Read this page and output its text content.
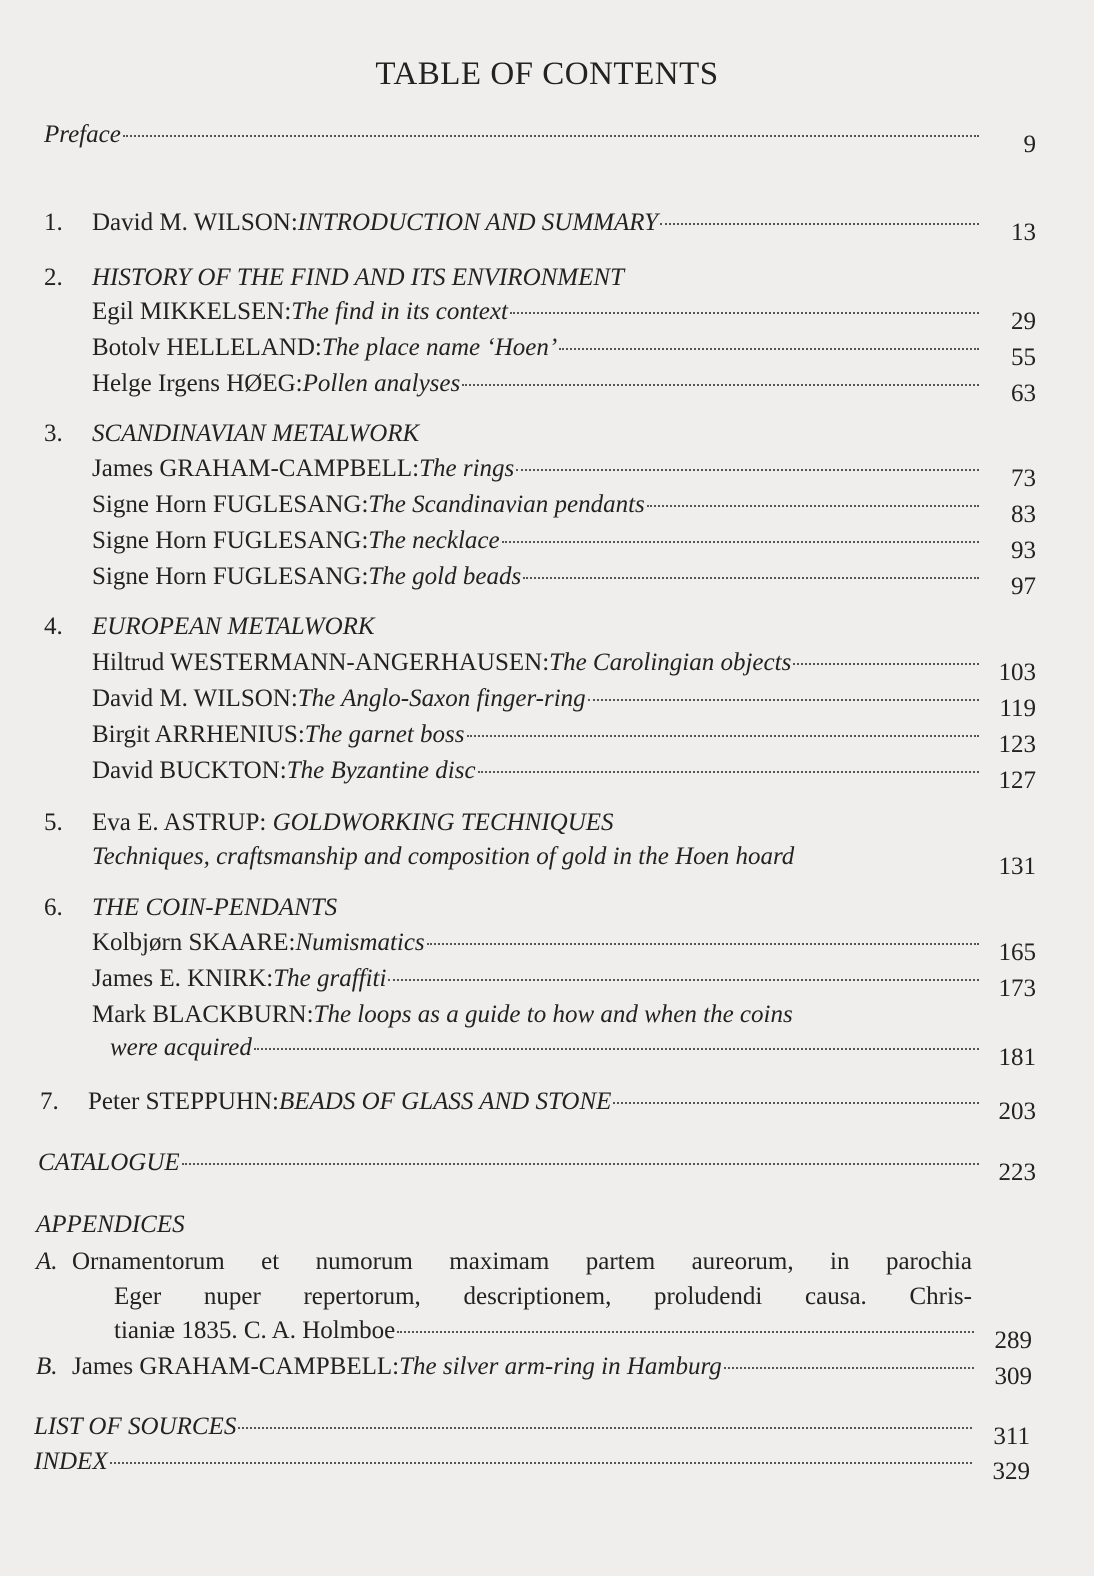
TABLE OF CONTENTS
Preface	9
1. David M. WILSON: INTRODUCTION AND SUMMARY	13
2. HISTORY OF THE FIND AND ITS ENVIRONMENT
Egil MIKKELSEN: The find in its context	29
Botolv HELLELAND: The place name ‘Hoen’	55
Helge Irgens HØEG: Pollen analyses	63
3. SCANDINAVIAN METALWORK
James GRAHAM-CAMPBELL: The rings	73
Signe Horn FUGLESANG: The Scandinavian pendants	83
Signe Horn FUGLESANG: The necklace	93
Signe Horn FUGLESANG: The gold beads	97
4. EUROPEAN METALWORK
Hiltrud WESTERMANN-ANGERHAUSEN: The Carolingian objects	103
David M. WILSON: The Anglo-Saxon finger-ring	119
Birgit ARRHENIUS: The garnet boss	123
David BUCKTON: The Byzantine disc	127
5. Eva E. ASTRUP: GOLDWORKING TECHNIQUES
Techniques, craftsmanship and composition of gold in the Hoen hoard	131
6. THE COIN-PENDANTS
Kolbjørn SKAARE: Numismatics	165
James E. KNIRK: The graffiti	173
Mark BLACKBURN: The loops as a guide to how and when the coins
were acquired	181
7. Peter STEPPUHN: BEADS OF GLASS AND STONE	203
CATALOGUE	223
APPENDICES
A. Ornamentorum et numorum maximam partem aureorum, in parochia
Eger nuper repertorum, descriptionem, proludendi causa. Chris-
tianiæ 1835. C. A. Holmboe	289
B. James GRAHAM-CAMPBELL: The silver arm-ring in Hamburg	309
LIST OF SOURCES	311
INDEX	329
